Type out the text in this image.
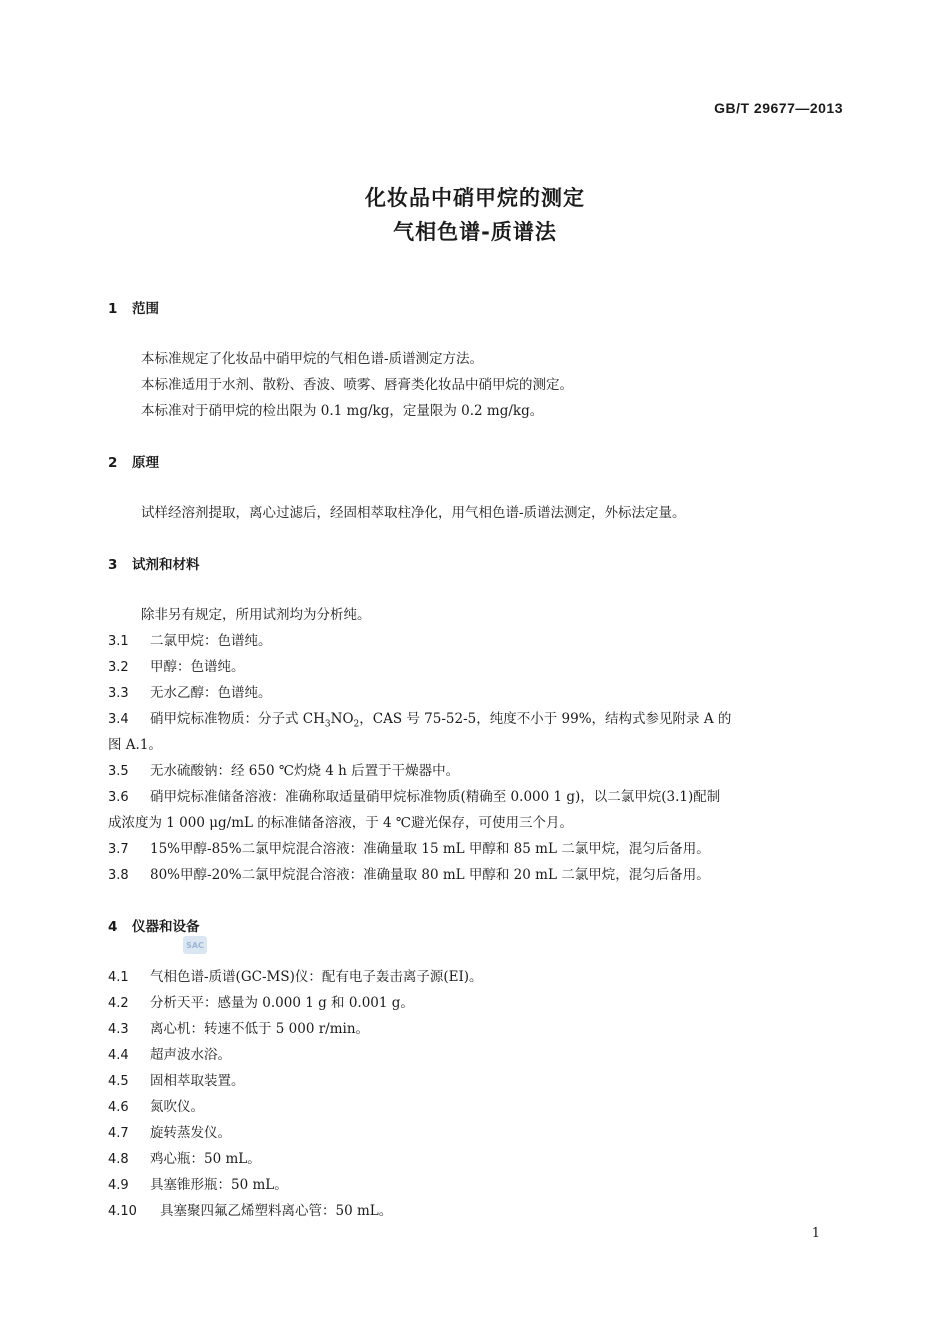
GB/T 29677—2013
化妆品中硝甲烷的测定
气相色谱-质谱法
1 范围
本标准规定了化妆品中硝甲烷的气相色谱-质谱测定方法。
本标准适用于水剂、散粉、香波、喷雾、唇膏类化妆品中硝甲烷的测定。
本标准对于硝甲烷的检出限为 0.1 mg/kg，定量限为 0.2 mg/kg。
2 原理
试样经溶剂提取，离心过滤后，经固相萃取柱净化，用气相色谱-质谱法测定，外标法定量。
3 试剂和材料
除非另有规定，所用试剂均为分析纯。
3.1 二氯甲烷：色谱纯。
3.2 甲醇：色谱纯。
3.3 无水乙醇：色谱纯。
3.4 硝甲烷标准物质：分子式 $CH_3NO_2$，CAS 号 75-52-5，纯度不小于 99%，结构式参见附录 A 的
图 A.1。
3.5 无水硫酸钠：经 650 ℃灼烧 4 h 后置于干燥器中。
3.6 硝甲烷标准储备溶液：准确称取适量硝甲烷标准物质(精确至 0.000 1 g)，以二氯甲烷(3.1)配制
成浓度为 1 000 μg/mL 的标准储备溶液，于 4 ℃避光保存，可使用三个月。
3.7 15%甲醇-85%二氯甲烷混合溶液：准确量取 15 mL 甲醇和 85 mL 二氯甲烷，混匀后备用。
3.8 80%甲醇-20%二氯甲烷混合溶液：准确量取 80 mL 甲醇和 20 mL 二氯甲烷，混匀后备用。
4 仪器和设备
SAC
4.1 气相色谱-质谱(GC-MS)仪：配有电子轰击离子源(EI)。
4.2 分析天平：感量为 0.000 1 g 和 0.001 g。
4.3 离心机：转速不低于 5 000 r/min。
4.4 超声波水浴。
4.5 固相萃取装置。
4.6 氮吹仪。
4.7 旋转蒸发仪。
4.8 鸡心瓶：50 mL。
4.9 具塞锥形瓶：50 mL。
4.10 具塞聚四氟乙烯塑料离心管：50 mL。
1
